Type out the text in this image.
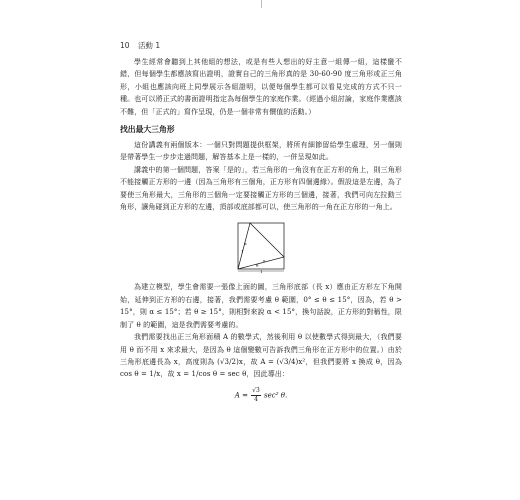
10 活動 1

學生經常會聽到上其他組的想法，或是有些人想出的好主意一組傳一組，這樣蠻不錯，但每個學生都應該寫出證明，證實自己的三角形真的是 30-60-90 度三角形或正三角形，小組也應該向班上同學展示各組證明，以便每個學生都可以看見完成的方式不只一種。也可以將正式的書面證明指定為每個學生的家庭作業。（經過小組討論，家庭作業應該不難，但「正式的」寫作呈現，仍是一個非常有價值的活動。）

找出最大三角形

這份講義有兩個版本：一個只對問題提供框架，將所有細節留給學生處理，另一個則是帶著學生一步步走過問題，解答基本上是一樣的，一併呈現如此。

講義中的第一個問題，答案「是的」，若三角形的一角沒有在正方形的角上，則三角形不能接觸正方形的一邊（因為三角形有三個角，正方形有四個邊緣）。假設這是左邊，為了要使三角形最大，三角形的三個角一定要接觸正方形的三個邊，接著，我們可向左拉動三角形，讓角碰到正方形的左邊，頂部或底部都可以，使三角形的一角在正方形的一角上。

α
1
θ
x
1

為建立模型，學生會需要一張像上面的圖，三角形底部（長 x）應由正方形左下角開始，延伸到正方形的右邊，接著，我們需要考慮 θ 範圍，0° ≤ θ ≤ 15°，因為，若 θ > 15°，則 α ≤ 15°；若 θ ≥ 15°，則相對來說 α < 15°，換句話說，正方形的對稱性，限制了 θ 的範圍，這是我們需要考慮的。

我們需要找出正三角形面積 A 的數學式，然後利用 θ 以使數學式得到最大，（我們要用 θ 而不用 x 來求最大，是因為 θ 這個變數可告訴我們三角形在正方形中的位置。）由於三角形底邊長為 x，高度則為 (√3/2)x，故 A = (√3/4)x²，但我們要將 x 換成 θ，因為 cos θ = 1/x，故 x = 1/cos θ = sec θ，因此導出：

$A = \frac{√3}{4} \sec^2$ θ.
